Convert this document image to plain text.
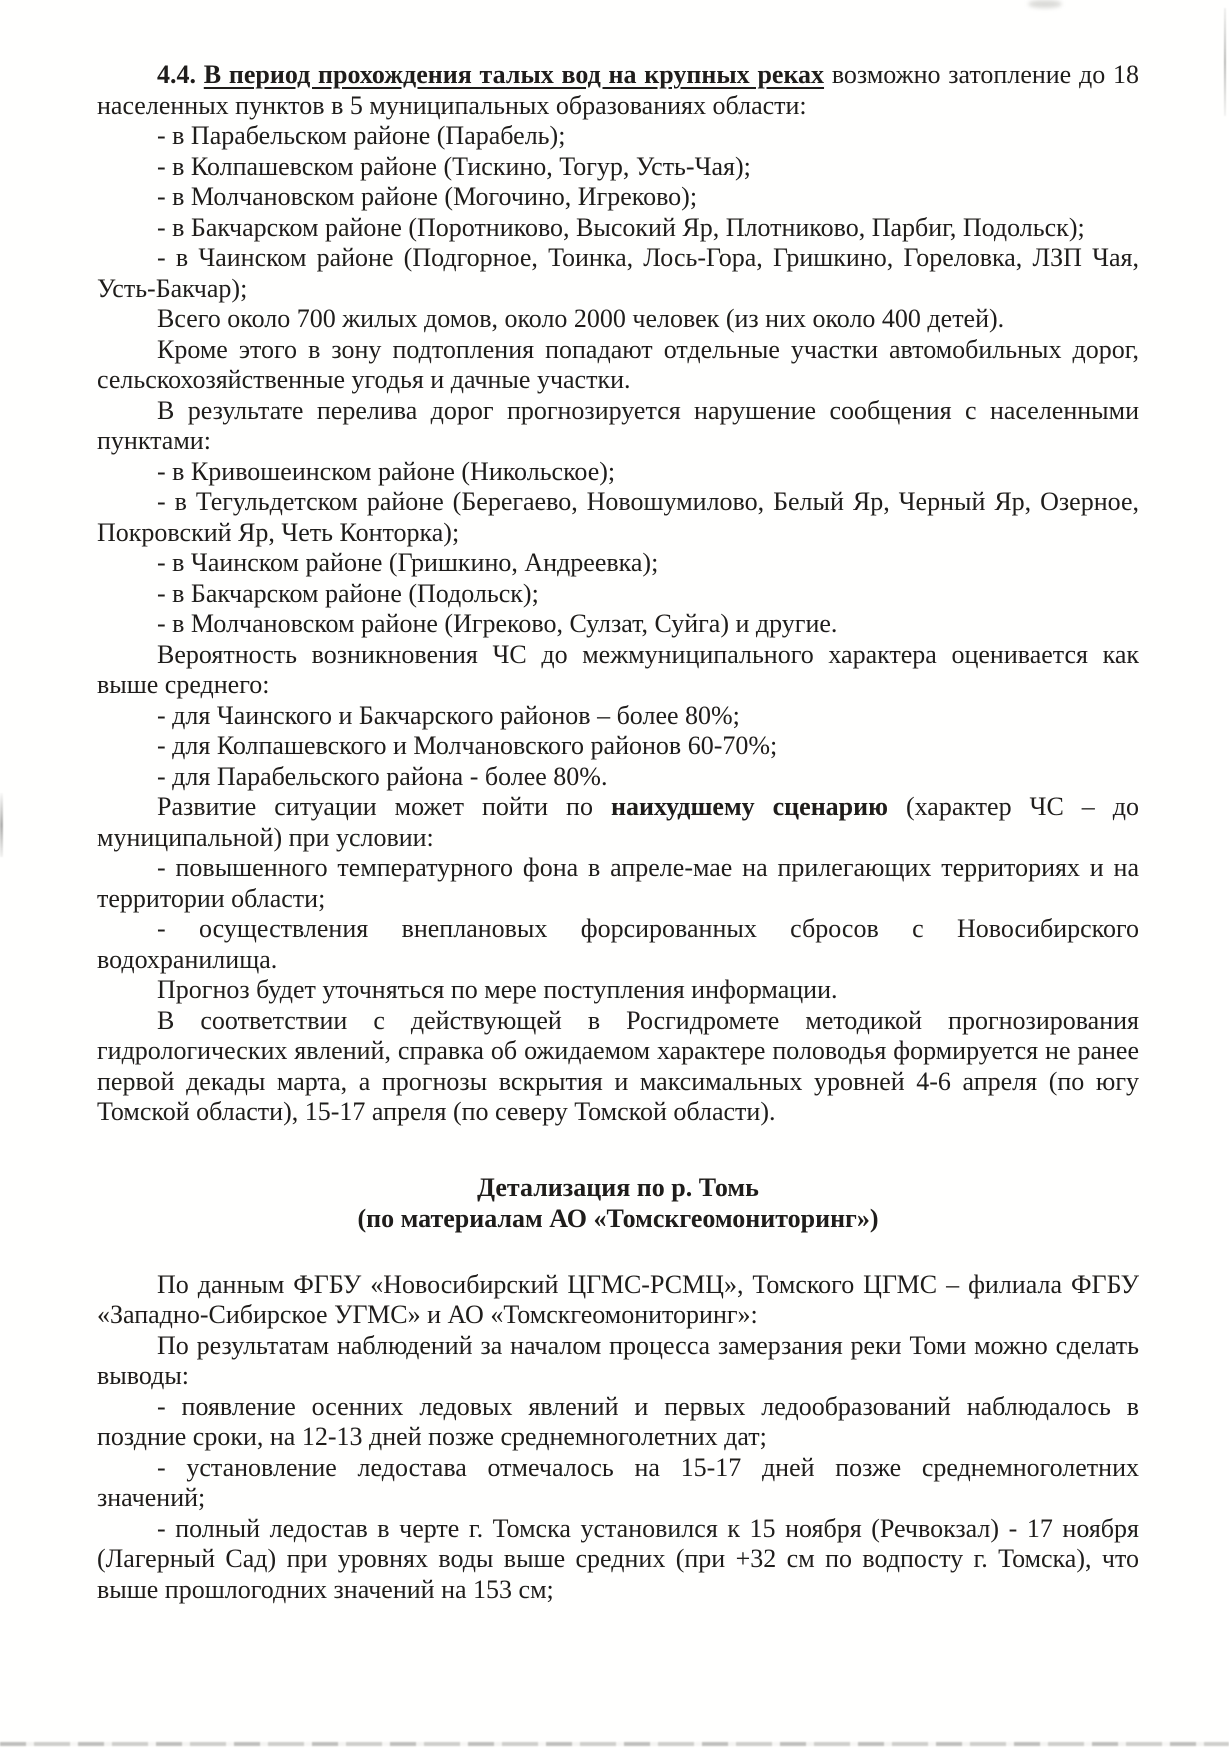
4.4. В период прохождения талых вод на крупных реках возможно затопление до 18 населенных пунктов в 5 муниципальных образованиях области:

- в Парабельском районе (Парабель);

- в Колпашевском районе (Тискино, Тогур, Усть-Чая);

- в Молчановском районе (Могочино, Игреково);

- в Бакчарском районе (Поротниково, Высокий Яр, Плотниково, Парбиг, Подольск);

- в Чаинском районе (Подгорное, Тоинка, Лось-Гора, Гришкино, Гореловка, ЛЗП Чая, Усть-Бакчар);

Всего около 700 жилых домов, около 2000 человек (из них около 400 детей).

Кроме этого в зону подтопления попадают отдельные участки автомобильных дорог, сельскохозяйственные угодья и дачные участки.

В результате перелива дорог прогнозируется нарушение сообщения с населенными пунктами:

- в Кривошеинском районе (Никольское);

- в Тегульдетском районе (Берегаево, Новошумилово, Белый Яр, Черный Яр, Озерное, Покровский Яр, Четь Конторка);

- в Чаинском районе (Гришкино, Андреевка);

- в Бакчарском районе (Подольск);

- в Молчановском районе (Игреково, Сулзат, Суйга) и другие.

Вероятность возникновения ЧС до межмуниципального характера оценивается как выше среднего:

- для Чаинского и Бакчарского районов – более 80%;

- для Колпашевского и Молчановского районов 60-70%;

- для Парабельского района - более 80%.

Развитие ситуации может пойти по наихудшему сценарию (характер ЧС – до муниципальной) при условии:

- повышенного температурного фона в апреле-мае на прилегающих территориях и на территории области;

- осуществления внеплановых форсированных сбросов с Новосибирского водохранилища.

Прогноз будет уточняться по мере поступления информации.

В соответствии с действующей в Росгидромете методикой прогнозирования гидрологических явлений, справка об ожидаемом характере половодья формируется не ранее первой декады марта, а прогнозы вскрытия и максимальных уровней 4-6 апреля (по югу Томской области), 15-17 апреля (по северу Томской области).

Детализация по р. Томь

(по материалам АО «Томскгеомониторинг»)

По данным ФГБУ «Новосибирский ЦГМС-РСМЦ», Томского ЦГМС – филиала ФГБУ «Западно-Сибирское УГМС» и АО «Томскгеомониторинг»:

По результатам наблюдений за началом процесса замерзания реки Томи можно сделать выводы:

- появление осенних ледовых явлений и первых ледообразований наблюдалось в поздние сроки, на 12-13 дней позже среднемноголетних дат;

- установление ледостава отмечалось на 15-17 дней позже среднемноголетних значений;

- полный ледостав в черте г. Томска установился к 15 ноября (Речвокзал) - 17 ноября (Лагерный Сад) при уровнях воды выше средних (при +32 см по водпосту г. Томска), что выше прошлогодних значений на 153 см;
